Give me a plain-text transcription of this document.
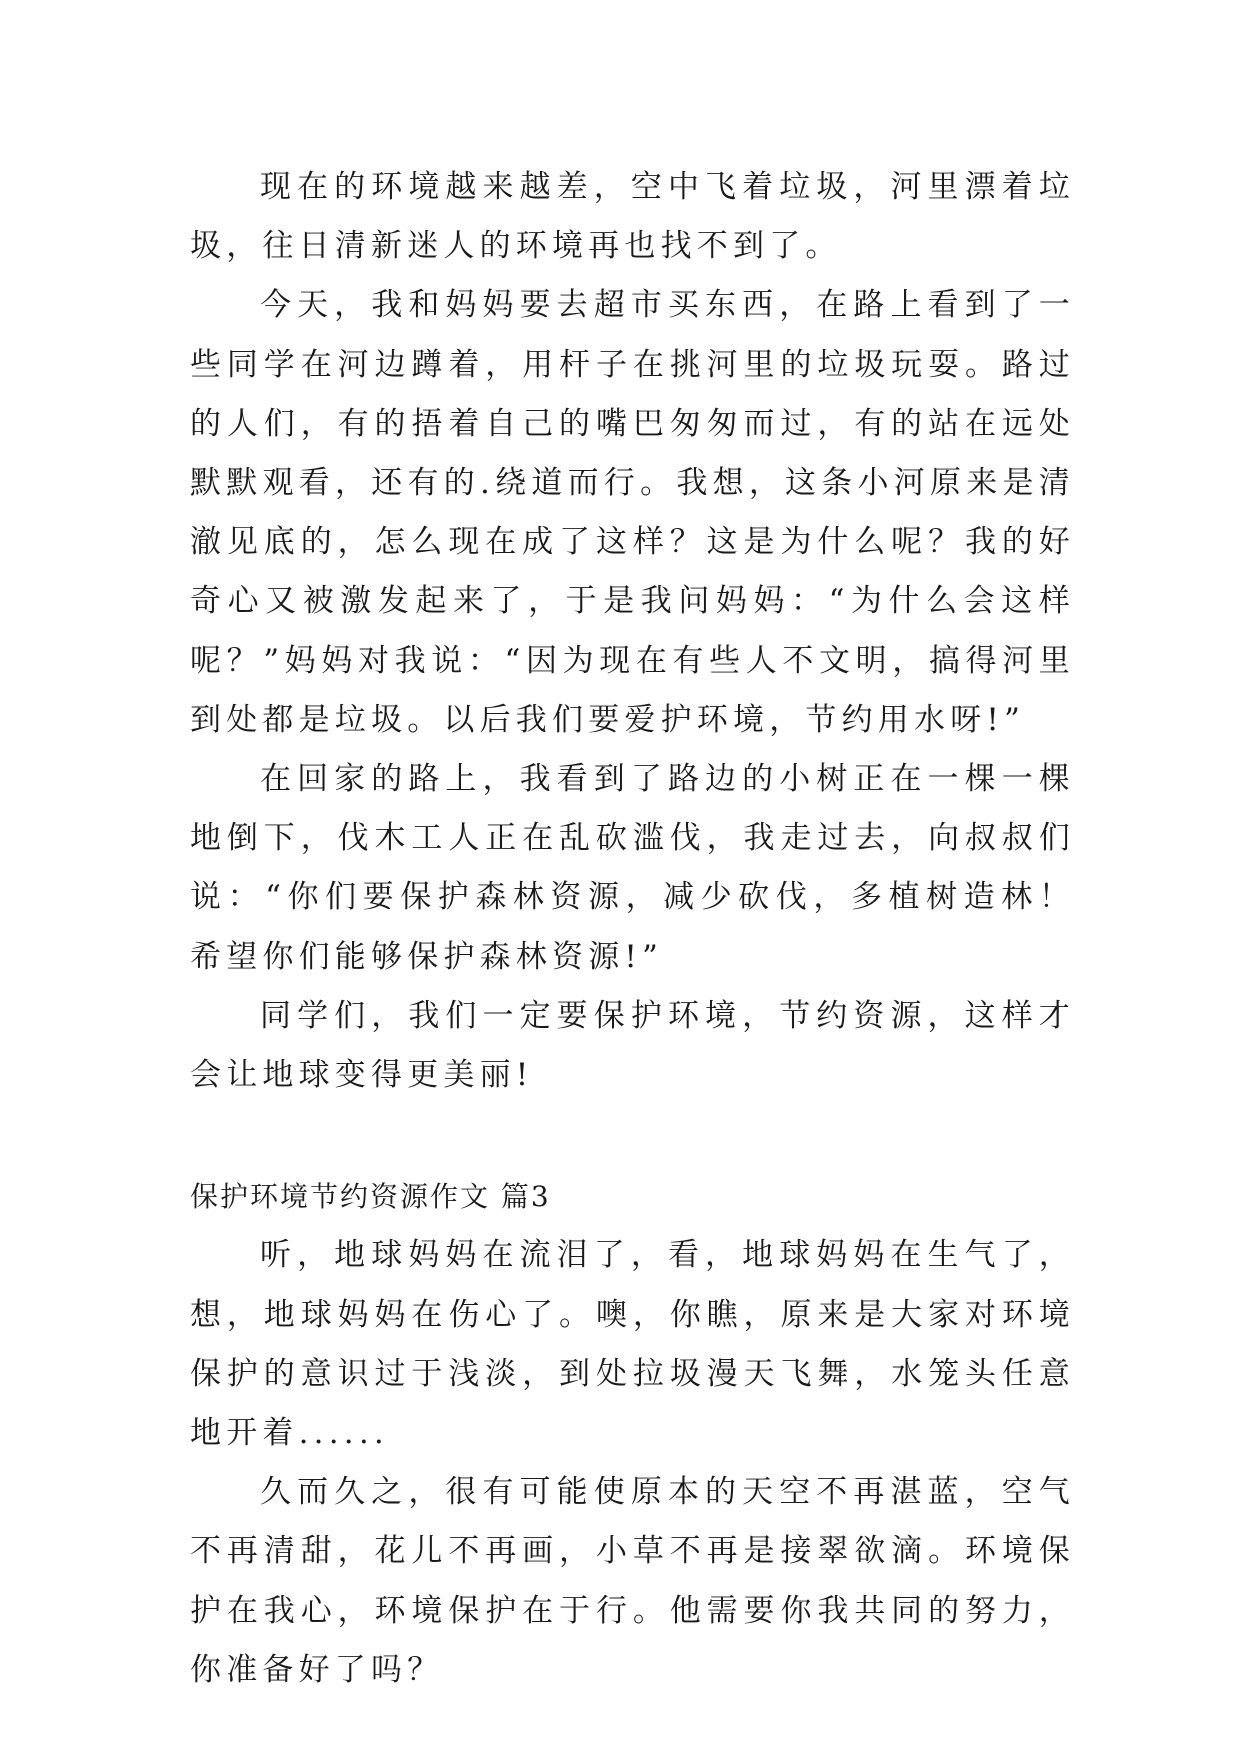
现在的环境越来越差，空中飞着垃圾，河里漂着垃圾，往日清新迷人的环境再也找不到了。

今天，我和妈妈要去超市买东西，在路上看到了一些同学在河边蹲着，用杆子在挑河里的垃圾玩耍。路过的人们，有的捂着自己的嘴巴匆匆而过，有的站在远处默默观看，还有的.绕道而行。我想，这条小河原来是清澈见底的，怎么现在成了这样？这是为什么呢？我的好奇心又被激发起来了，于是我问妈妈：“为什么会这样呢？”妈妈对我说：“因为现在有些人不文明，搞得河里到处都是垃圾。以后我们要爱护环境，节约用水呀!”

在回家的路上，我看到了路边的小树正在一棵一棵地倒下，伐木工人正在乱砍滥伐，我走过去，向叔叔们说：“你们要保护森林资源，减少砍伐，多植树造林！希望你们能够保护森林资源!”

同学们，我们一定要保护环境，节约资源，这样才会让地球变得更美丽!

保护环境节约资源作文 篇3

听，地球妈妈在流泪了，看，地球妈妈在生气了，想，地球妈妈在伤心了。噢，你瞧，原来是大家对环境保护的意识过于浅淡，到处拉圾漫天飞舞，水笼头任意地开着......

久而久之，很有可能使原本的天空不再湛蓝，空气不再清甜，花儿不再画，小草不再是接翠欲滴。环境保护在我心，环境保护在于行。他需要你我共同的努力，你准备好了吗？
